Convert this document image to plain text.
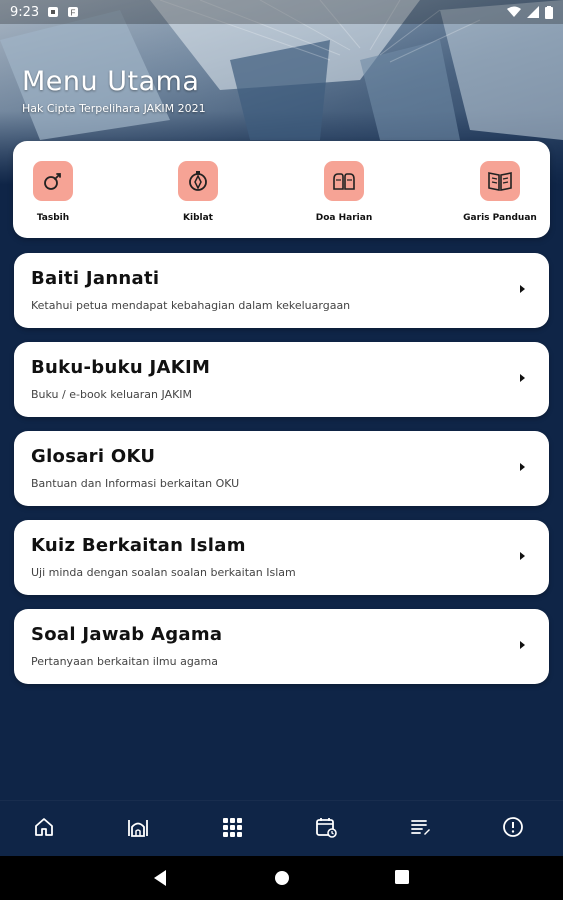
9:23	F
Menu Utama
Hak Cipta Terpelihara JAKIM 2021
Tasbih	Kiblat	Doa Harian	Garis Panduan
Baiti Jannati
Ketahui petua mendapat kebahagian dalam kekeluargaan
Buku-buku JAKIM
Buku / e-book keluaran JAKIM
Glosari OKU
Bantuan dan Informasi berkaitan OKU
Kuiz Berkaitan Islam
Uji minda dengan soalan soalan berkaitan Islam
Soal Jawab Agama
Pertanyaan berkaitan ilmu agama
